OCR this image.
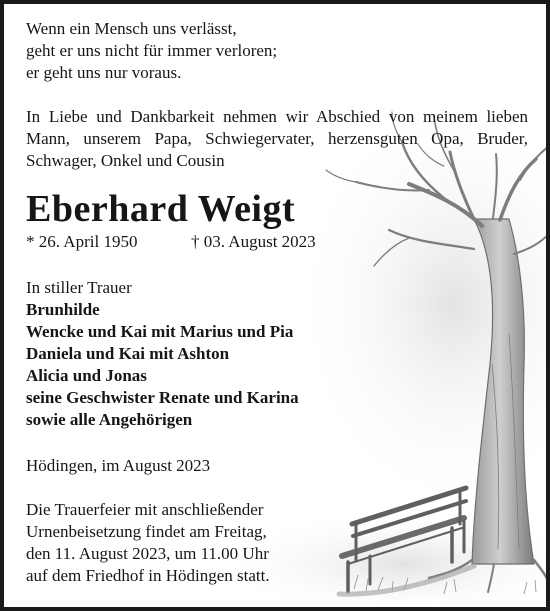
Wenn ein Mensch uns verlässt,

geht er uns nicht für immer verloren;

er geht uns nur voraus.

In Liebe und Dankbarkeit nehmen wir Abschied von meinem lieben Mann, unserem Papa, Schwiegervater, herzensguten Opa, Bruder, Schwager, Onkel und Cousin

Eberhard Weigt
* 26. April 1950	† 03. August 2023

In stiller Trauer

Brunhilde

Wencke und Kai mit Marius und Pia

Daniela und Kai mit Ashton

Alicia und Jonas

seine Geschwister Renate und Karina

sowie alle Angehörigen

Hödingen, im August 2023

Die Trauerfeier mit anschließender

Urnenbeisetzung findet am Freitag,

den 11. August 2023, um 11.00 Uhr

auf dem Friedhof in Hödingen statt.
